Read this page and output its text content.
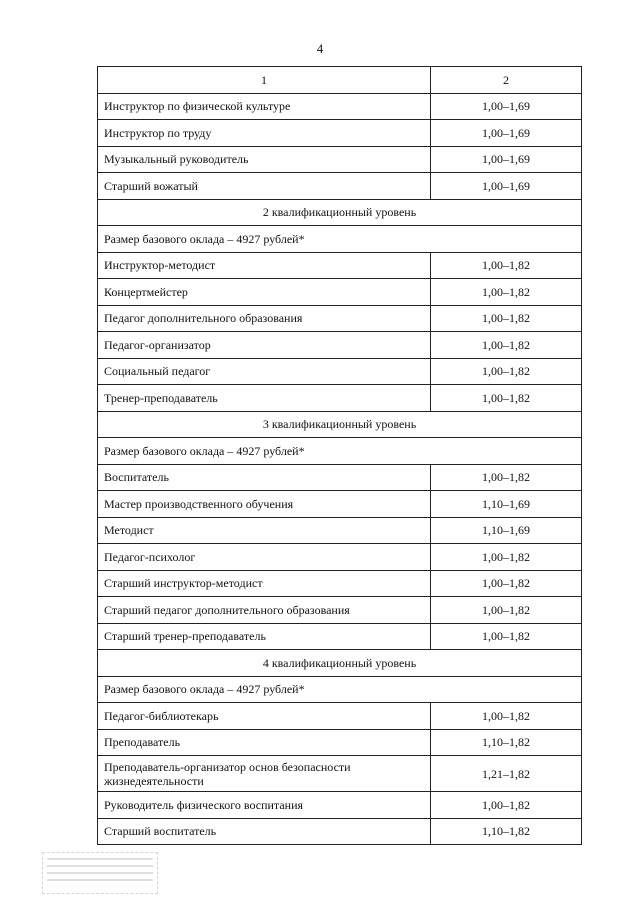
4
1	2
Инструктор по физической культуре	1,00–1,69
Инструктор по труду	1,00–1,69
Музыкальный руководитель	1,00–1,69
Старший вожатый	1,00–1,69
2 квалификационный уровень	
Размер базового оклада – 4927 рублей*	
Инструктор-методист	1,00–1,82
Концертмейстер	1,00–1,82
Педагог дополнительного образования	1,00–1,82
Педагог-организатор	1,00–1,82
Социальный педагог	1,00–1,82
Тренер-преподаватель	1,00–1,82
3 квалификационный уровень	
Размер базового оклада – 4927 рублей*	
Воспитатель	1,00–1,82
Мастер производственного обучения	1,10–1,69
Методист	1,10–1,69
Педагог-психолог	1,00–1,82
Старший инструктор-методист	1,00–1,82
Старший педагог дополнительного образования	1,00–1,82
Старший тренер-преподаватель	1,00–1,82
4 квалификационный уровень	
Размер базового оклада – 4927 рублей*	
Педагог-библиотекарь	1,00–1,82
Преподаватель	1,10–1,82
Преподаватель-организатор основ безопасности жизнедеятельности	1,21–1,82
Руководитель физического воспитания	1,00–1,82
Старший воспитатель	1,10–1,82
